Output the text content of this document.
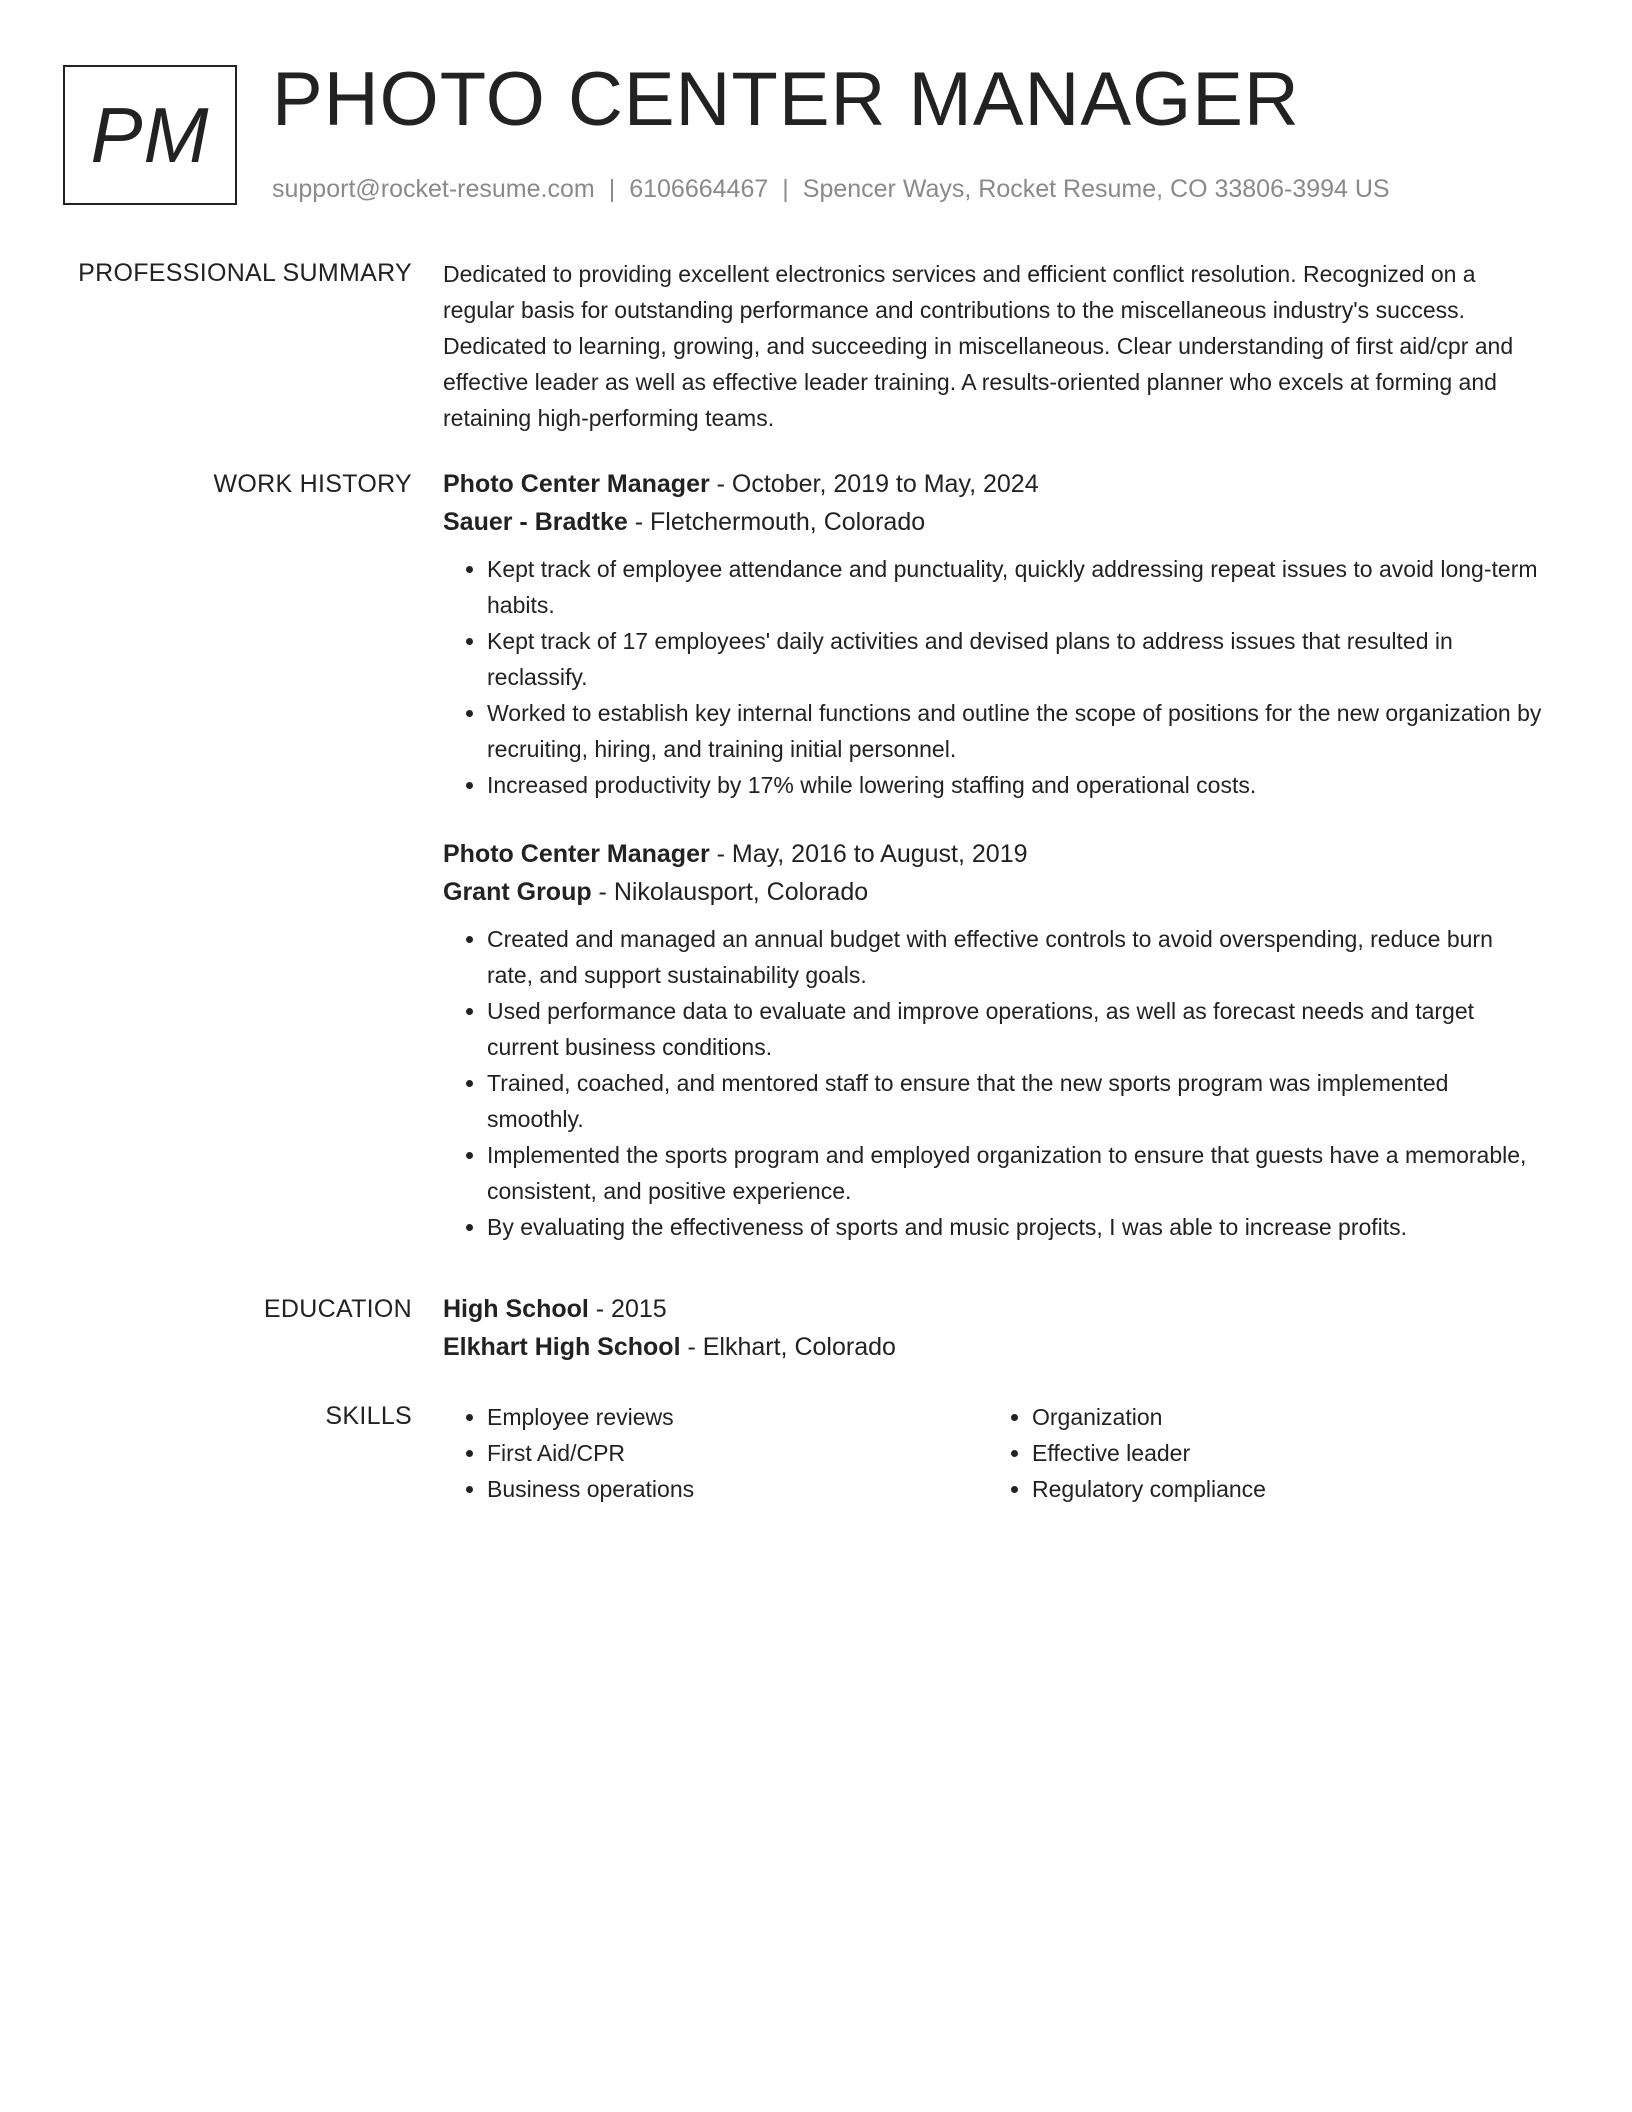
PM PHOTO CENTER MANAGER
support@rocket-resume.com | 6106664467 | Spencer Ways, Rocket Resume, CO 33806-3994 US
PROFESSIONAL SUMMARY Dedicated to providing excellent electronics services and efficient conflict resolution. Recognized on a regular basis for outstanding performance and contributions to the miscellaneous industry's success. Dedicated to learning, growing, and succeeding in miscellaneous. Clear understanding of first aid/cpr and effective leader as well as effective leader training. A results-oriented planner who excels at forming and retaining high-performing teams.

WORK HISTORY Photo Center Manager - October, 2019 to May, 2024
Sauer - Bradtke - Fletchermouth, Colorado
• Kept track of employee attendance and punctuality, quickly addressing repeat issues to avoid long-term habits.
• Kept track of 17 employees' daily activities and devised plans to address issues that resulted in reclassify.
• Worked to establish key internal functions and outline the scope of positions for the new organization by recruiting, hiring, and training initial personnel.
• Increased productivity by 17% while lowering staffing and operational costs.
Photo Center Manager - May, 2016 to August, 2019
Grant Group - Nikolausport, Colorado
• Created and managed an annual budget with effective controls to avoid overspending, reduce burn rate, and support sustainability goals.
• Used performance data to evaluate and improve operations, as well as forecast needs and target current business conditions.
• Trained, coached, and mentored staff to ensure that the new sports program was implemented smoothly.
• Implemented the sports program and employed organization to ensure that guests have a memorable, consistent, and positive experience.
• By evaluating the effectiveness of sports and music projects, I was able to increase profits.
EDUCATION High School - 2015
Elkhart High School - Elkhart, Colorado
SKILLS
•	Employee reviews
• First Aid/CPR
• Business operations
• Organization
• Effective leader
• Regulatory compliance
